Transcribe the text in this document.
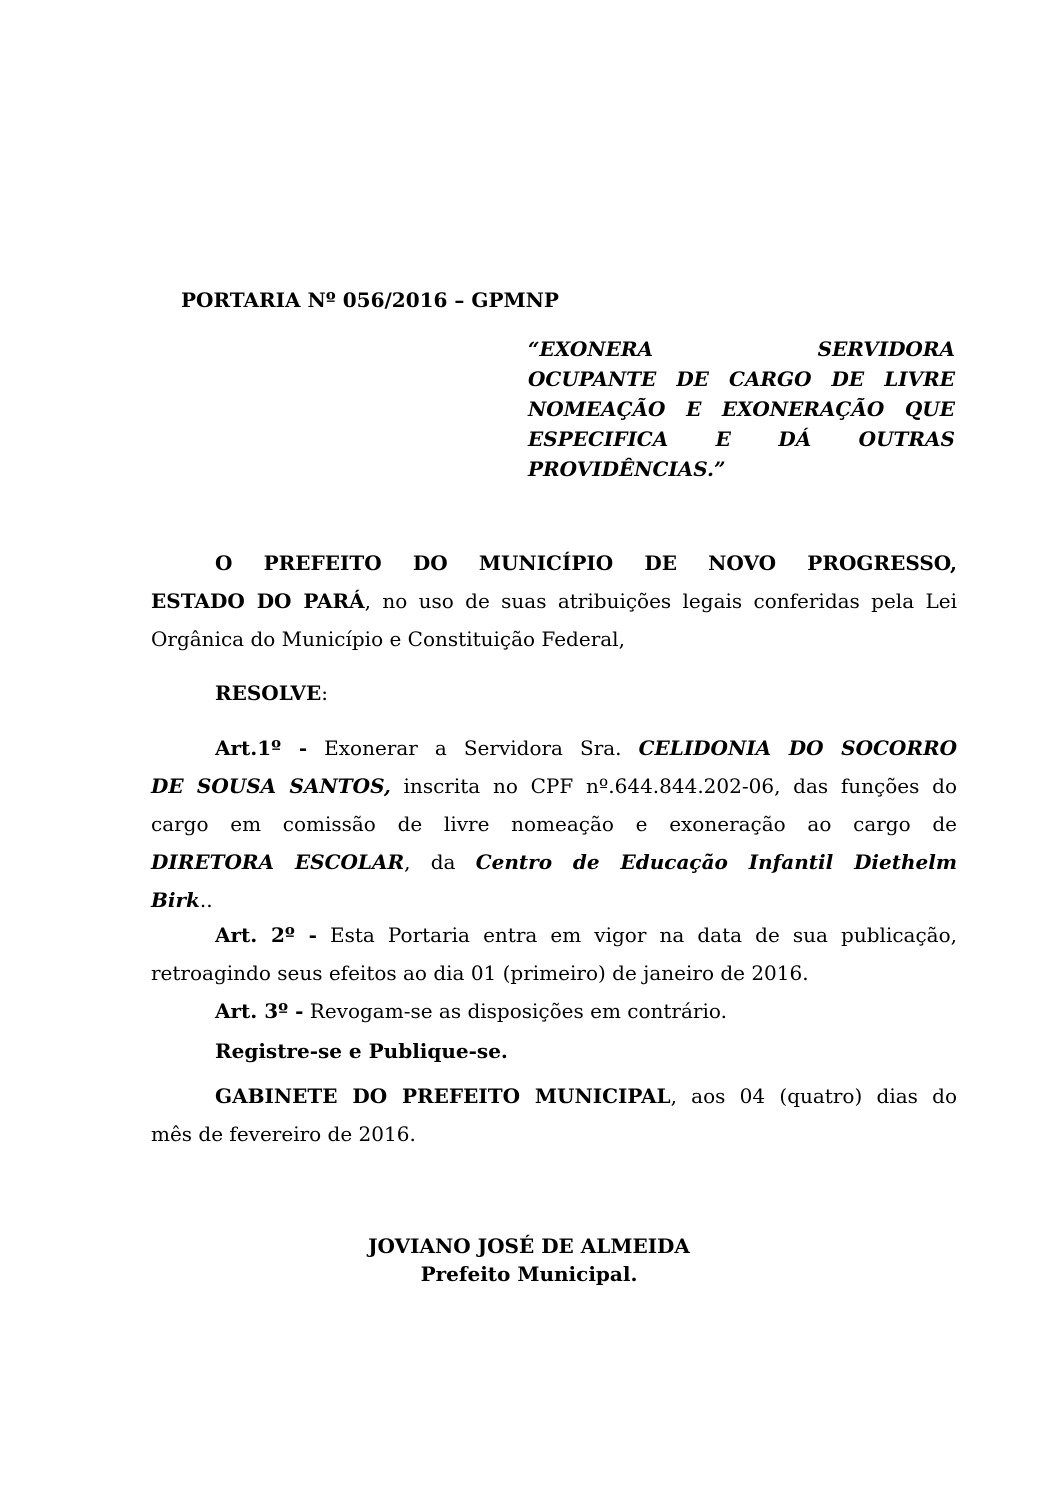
PORTARIA Nº 056/2016 – GPMNP
“EXONERA SERVIDORA
OCUPANTE DE CARGO DE LIVRE
NOMEAÇÃO E EXONERAÇÃO QUE
ESPECIFICA E DÁ OUTRAS
PROVIDÊNCIAS.”
O PREFEITO DO MUNICÍPIO DE NOVO PROGRESSO,
ESTADO DO PARÁ, no uso de suas atribuições legais conferidas pela Lei
Orgânica do Município e Constituição Federal,
RESOLVE:
Art.1º - Exonerar a Servidora Sra. CELIDONIA DO SOCORRO
DE SOUSA SANTOS, inscrita no CPF nº.644.844.202-06, das funções do
cargo em comissão de livre nomeação e exoneração ao cargo de
DIRETORA ESCOLAR, da Centro de Educação Infantil Diethelm
Birk..
Art. 2º - Esta Portaria entra em vigor na data de sua publicação,
retroagindo seus efeitos ao dia 01 (primeiro) de janeiro de 2016.
Art. 3º - Revogam-se as disposições em contrário.
Registre-se e Publique-se.
GABINETE DO PREFEITO MUNICIPAL, aos 04 (quatro) dias do
mês de fevereiro de 2016.
JOVIANO JOSÉ DE ALMEIDA
Prefeito Municipal.
